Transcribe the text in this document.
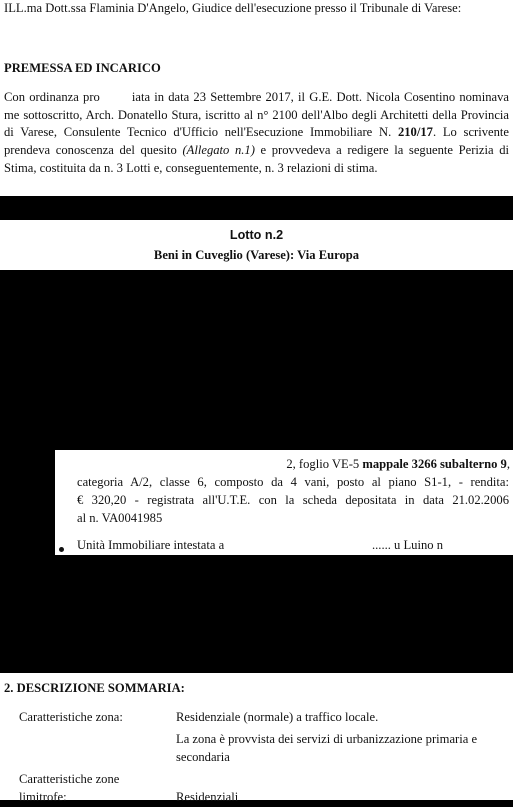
ILL.ma Dott.ssa Flaminia D'Angelo, Giudice dell'esecuzione presso il Tribunale di Varese:
PREMESSA ED INCARICO
Con ordinanza pro	iata in data 23 Settembre 2017, il G.E. Dott. Nicola Cosentino nominava me sottoscritto, Arch. Donatello Stura, iscritto al n° 2100 dell'Albo degli Architetti della Provincia di Varese, Consulente Tecnico d'Ufficio nell'Esecuzione Immobiliare N. 210/17. Lo scrivente prendeva conoscenza del quesito (Allegato n.1) e provvedeva a redigere la seguente Perizia di Stima, costituita da n. 3 Lotti e, conseguentemente, n. 3 relazioni di stima.
Lotto n.2
Beni in Cuveglio (Varese): Via Europa
2, foglio VE-5 mappale 3266 subalterno 9,
categoria A/2, classe 6, composto da 4 vani, posto al piano S1-1, - rendita:
€ 320,20 - registrata all'U.T.E. con la scheda depositata in data 21.02.2006
al n. VA0041985
Unità Immobiliare intestata a	...... u Luino n
2. DESCRIZIONE SOMMARIA:
Caratteristiche zona:	Residenziale (normale) a traffico locale.
La zona è provvista dei servizi di urbanizzazione primaria e secondaria
Caratteristiche zone limitrofe:	Residenziali
